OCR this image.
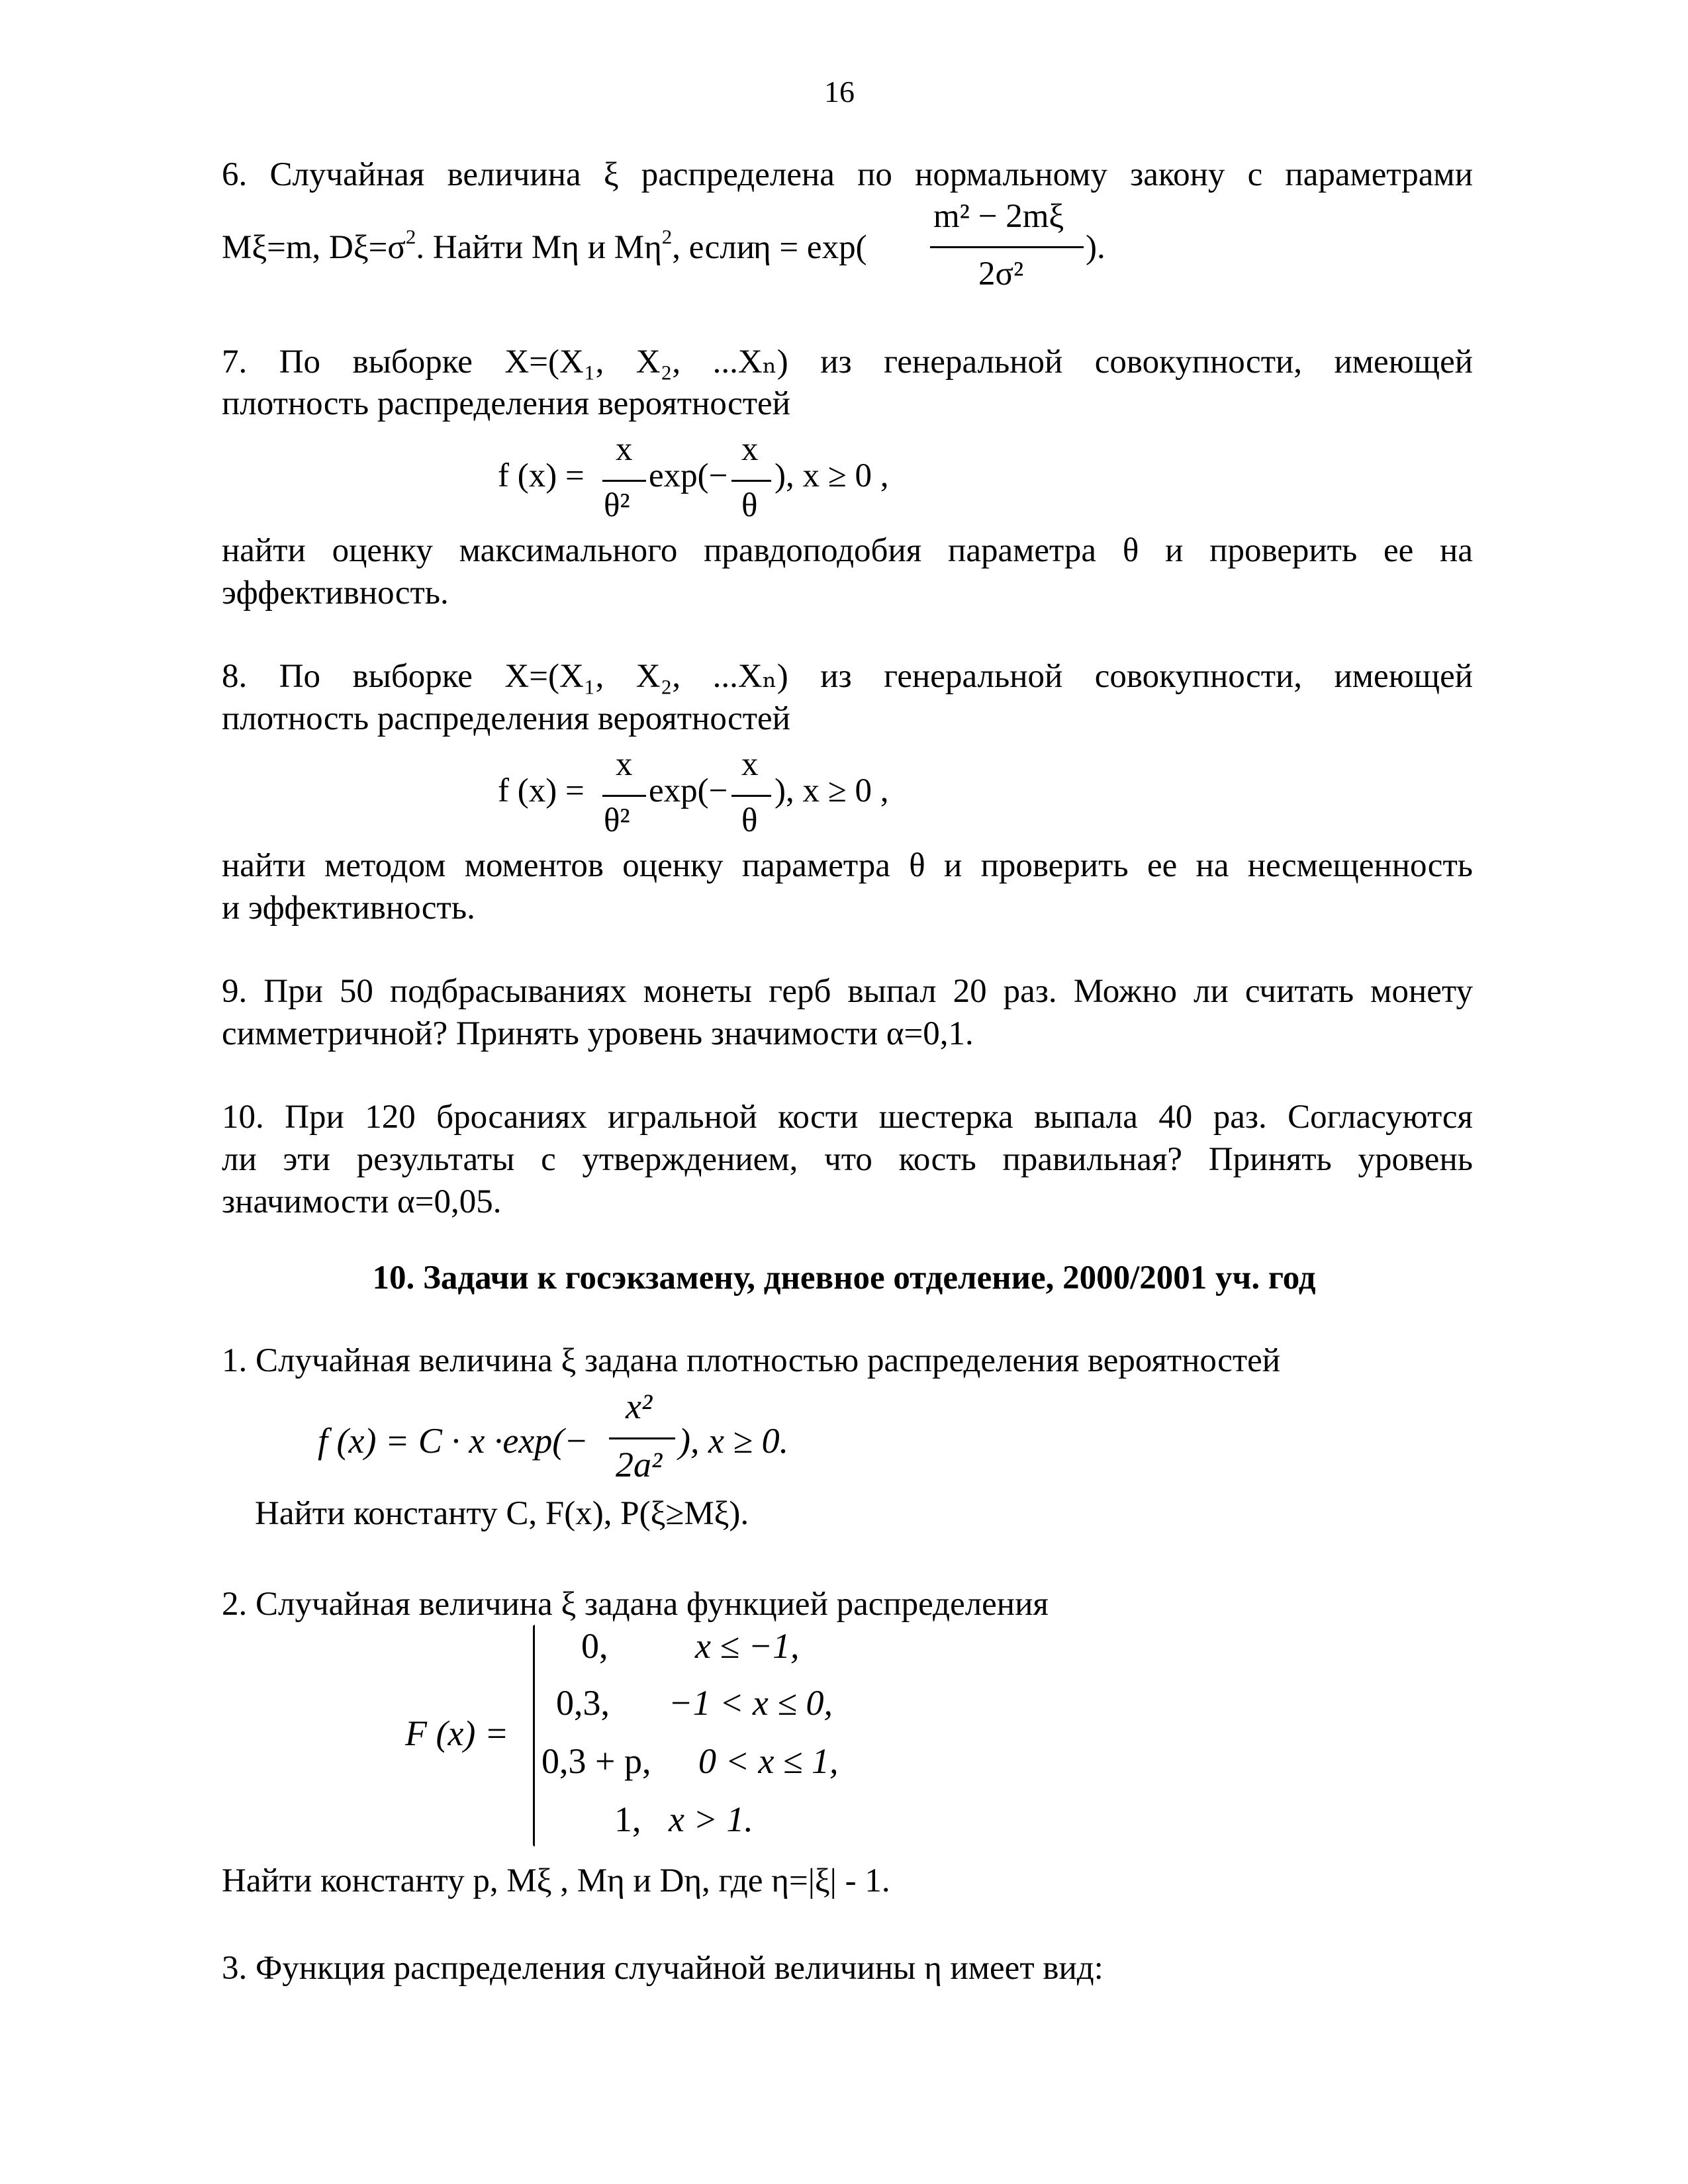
16
6. Случайная величина ξ распределена по нормальному закону с параметрами
Mξ=m, $D\xi=\sigma^2$. Найти Mη и $M\eta^2$, если
η = exp(
m² − 2mξ
2σ²
).
7. По выборке X=(X₁, X₂, ...Xₙ) из генеральной совокупности, имеющей
плотность распределения вероятностей
f (x) =
x
θ²
exp(−
x
θ
), x ≥ 0 ,
найти оценку максимального правдоподобия параметра θ и проверить ее на
эффективность.
8. По выборке X=(X₁, X₂, ...Xₙ) из генеральной совокупности, имеющей
плотность распределения вероятностей
f (x) =
x
θ²
exp(−
x
θ
), x ≥ 0 ,
найти методом моментов оценку параметра θ и проверить ее на несмещенность
и эффективность.
9. При 50 подбрасываниях монеты герб выпал 20 раз. Можно ли считать монету
симметричной? Принять уровень значимости α=0,1.
10. При 120 бросаниях игральной кости шестерка выпала 40 раз. Согласуются
ли эти результаты с утверждением, что кость правильная? Принять уровень
значимости α=0,05.
10. Задачи к госэкзамену, дневное отделение, 2000/2001 уч. год
1. Случайная величина ξ задана плотностью распределения вероятностей
f (x) = C · x ·exp(−
x²
2a²
), x ≥ 0.
Найти константу C, F(x), P(ξ≥Mξ).
2. Случайная величина ξ задана функцией распределения
F (x) =
0, x ≤ −1,
0,3, −1 < x ≤ 0,
0,3 + p, 0 < x ≤ 1,
1, x > 1.
Найти константу p, Mξ , Mη и Dη, где η=|ξ| - 1.
3. Функция распределения случайной величины η имеет вид:
